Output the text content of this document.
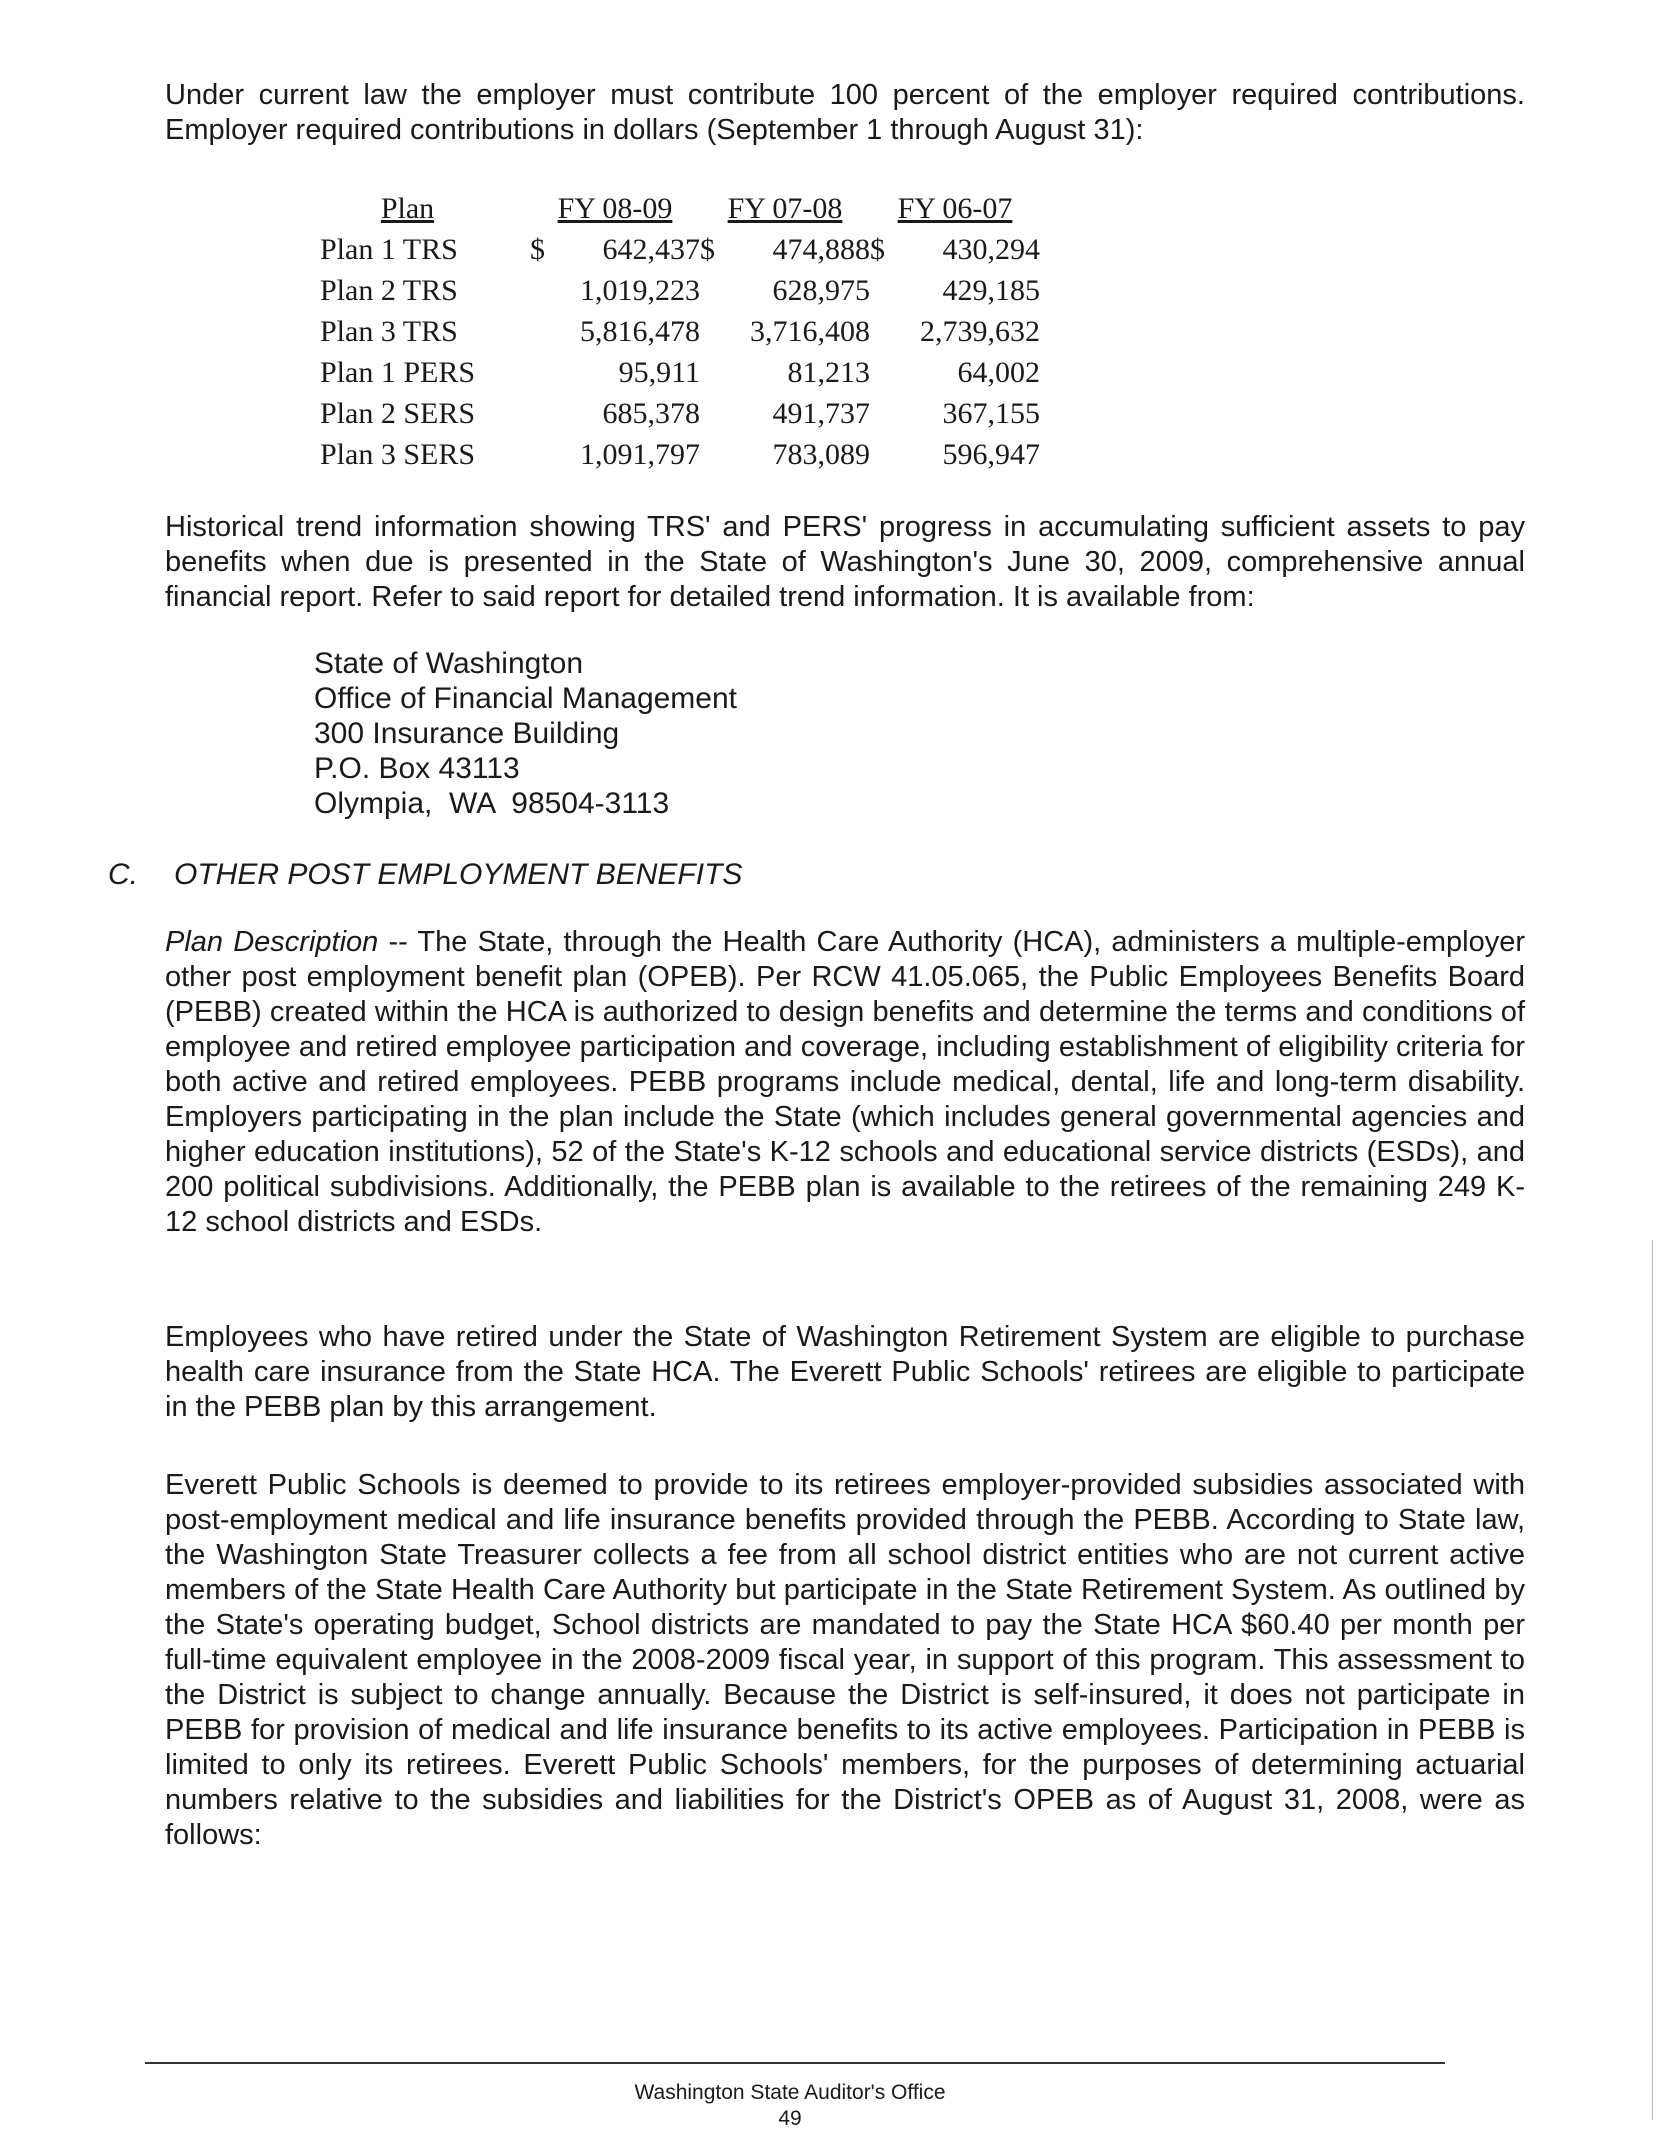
Under current law the employer must contribute 100 percent of the employer required contributions. Employer required contributions in dollars (September 1 through August 31):

Plan	FY 08-09 FY 07-08 FY 06-07
Plan 1 TRS	$	642,437 $	474,888 $	430,294
Plan 2 TRS	1,019,223	628,975	429,185
Plan 3 TRS	5,816,478	3,716,408	2,739,632
Plan 1 PERS	95,911	81,213	64,002
Plan 2 SERS	685,378	491,737	367,155
Plan 3 SERS	1,091,797	783,089	596,947

Historical trend information showing TRS' and PERS' progress in accumulating sufficient assets to pay benefits when due is presented in the State of Washington's June 30, 2009, comprehensive annual financial report. Refer to said report for detailed trend information. It is available from:

State of Washington
Office of Financial Management
300 Insurance Building
P.O. Box 43113
Olympia,  WA  98504-3113
C.	OTHER POST EMPLOYMENT BENEFITS

Plan Description -- The State, through the Health Care Authority (HCA), administers a multiple-employer other post employment benefit plan (OPEB). Per RCW 41.05.065, the Public Employees Benefits Board (PEBB) created within the HCA is authorized to design benefits and determine the terms and conditions of employee and retired employee participation and coverage, including establishment of eligibility criteria for both active and retired employees. PEBB programs include medical, dental, life and long-term disability. Employers participating in the plan include the State (which includes general governmental agencies and higher education institutions), 52 of the State's K-12 schools and educational service districts (ESDs), and 200 political subdivisions. Additionally, the PEBB plan is available to the retirees of the remaining 249 K-12 school districts and ESDs.

Employees who have retired under the State of Washington Retirement System are eligible to purchase health care insurance from the State HCA. The Everett Public Schools' retirees are eligible to participate in the PEBB plan by this arrangement.

Everett Public Schools is deemed to provide to its retirees employer-provided subsidies associated with post-employment medical and life insurance benefits provided through the PEBB. According to State law, the Washington State Treasurer collects a fee from all school district entities who are not current active members of the State Health Care Authority but participate in the State Retirement System. As outlined by the State's operating budget, School districts are mandated to pay the State HCA $60.40 per month per full-time equivalent employee in the 2008-2009 fiscal year, in support of this program. This assessment to the District is subject to change annually. Because the District is self-insured, it does not participate in PEBB for provision of medical and life insurance benefits to its active employees. Participation in PEBB is limited to only its retirees. Everett Public Schools' members, for the purposes of determining actuarial numbers relative to the subsidies and liabilities for the District's OPEB as of August 31, 2008, were as follows:

Washington State Auditor's Office
49
